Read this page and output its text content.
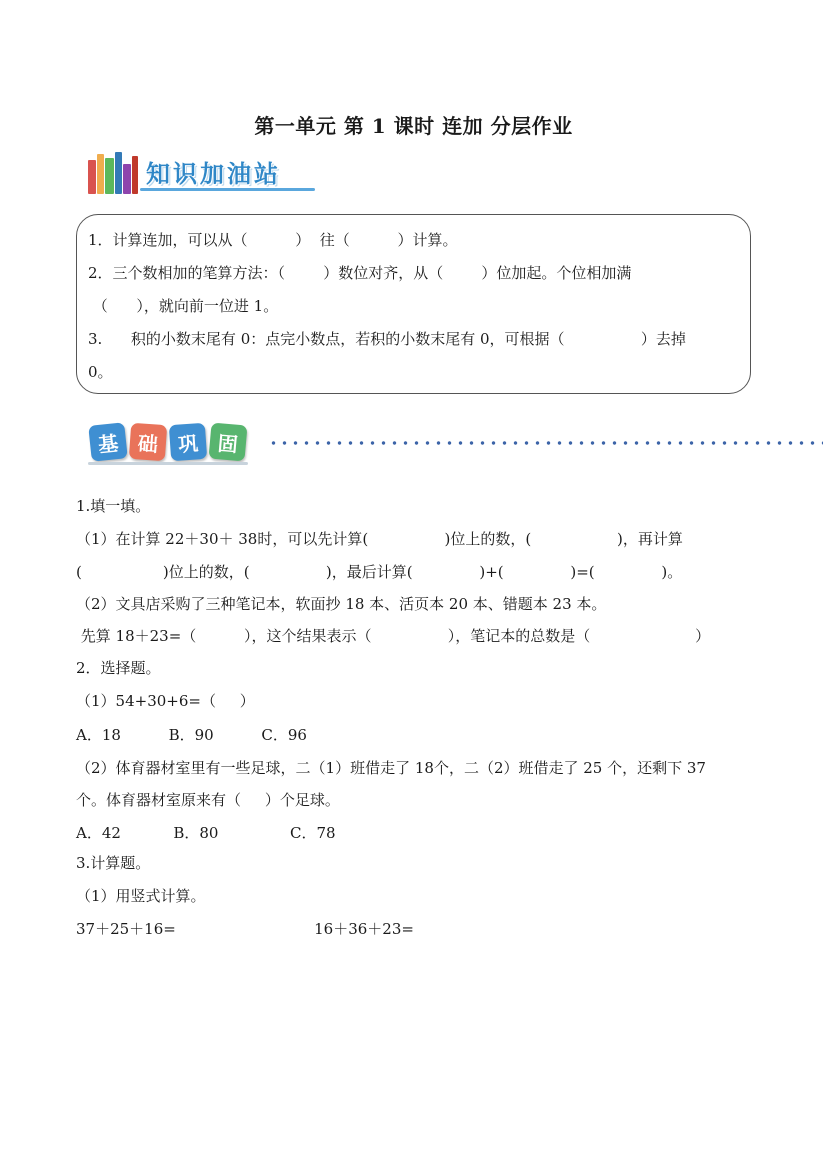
第一单元 第 1 课时 连加 分层作业
知识加油站
1．计算连加，可以从（          ）  往（          ）计算。
2．三个数相加的笔算方法：（        ）数位对齐，从（        ）位加起。个位相加满
（      ），就向前一位进 1。
3.      积的小数末尾有 0：点完小数点，若积的小数末尾有 0，可根据（                ）去掉
0。
基 础 巩 固
1.填一填。
（1）在计算 22＋30＋ 38时，可以先计算(                )位上的数，(                  )，再计算
(                 )位上的数，(                )，最后计算(              )+(              )=(              )。
（2）文具店采购了三种笔记本，软面抄 18 本、活页本 20 本、错题本 23 本。
先算 18＋23=（          ），这个结果表示（                ），笔记本的总数是（                      ）
2．选择题。
（1）54+30+6=（     ）
A．18          B．90          C．96
（2）体育器材室里有一些足球，二（1）班借走了 18个，二（2）班借走了 25 个，还剩下 37
个。体育器材室原来有（     ）个足球。
A．42           B．80               C．78
3.计算题。
（1）用竖式计算。
37＋25＋16=                             16＋36＋23=
